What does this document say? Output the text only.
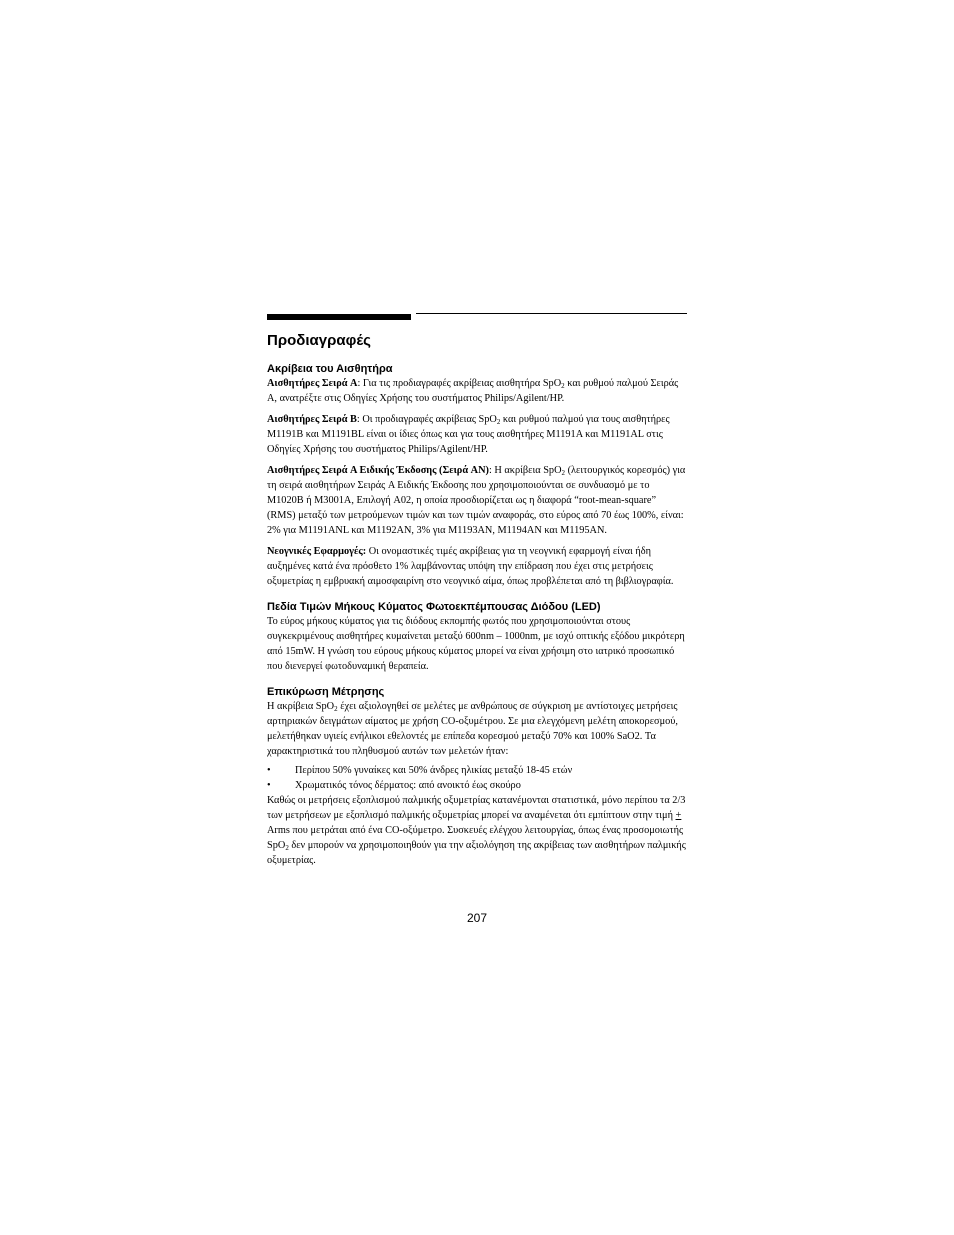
Προδιαγραφές
Ακρίβεια του Αισθητήρα

Αισθητήρες Σειρά A: Για τις προδιαγραφές ακρίβειας αισθητήρα SpO$_2$ και ρυθμού παλμού Σειράς A, ανατρέξτε στις Οδηγίες Χρήσης του συστήματος Philips/Agilent/HP.

Αισθητήρες Σειρά B: Οι προδιαγραφές ακρίβειας SpO$_2$ και ρυθμού παλμού για τους αισθητήρες M1191B και M1191BL είναι οι ίδιες όπως και για τους αισθητήρες M1191A και M1191AL στις Οδηγίες Χρήσης του συστήματος Philips/Agilent/HP.

Αισθητήρες Σειρά A Ειδικής Έκδοσης (Σειρά AN): Η ακρίβεια SpO$_2$ (λειτουργικός κορεσμός) για τη σειρά αισθητήρων Σειράς A Ειδικής Έκδοσης που χρησιμοποιούνται σε συνδυασμό με το M1020B ή M3001A, Επιλογή A02, η οποία προσδιορίζεται ως η διαφορά “root-mean-square” (RMS) μεταξύ των μετρούμενων τιμών και των τιμών αναφοράς, στο εύρος από 70 έως 100%, είναι: 2% για M1191ANL και M1192AN, 3% για M1193AN, M1194AN και M1195AN.

Νεογνικές Εφαρμογές: Οι ονομαστικές τιμές ακρίβειας για τη νεογνική εφαρμογή είναι ήδη αυξημένες κατά ένα πρόσθετο 1% λαμβάνοντας υπόψη την επίδραση που έχει στις μετρήσεις οξυμετρίας η εμβρυακή αιμοσφαιρίνη στο νεογνικό αίμα, όπως προβλέπεται από τη βιβλιογραφία.

Πεδία Τιμών Μήκους Κύματος Φωτοεκπέμπουσας Διόδου (LED)

Το εύρος μήκους κύματος για τις διόδους εκπομπής φωτός που χρησιμοποιούνται στους συγκεκριμένους αισθητήρες κυμαίνεται μεταξύ 600nm – 1000nm, με ισχύ οπτικής εξόδου μικρότερη από 15mW. Η γνώση του εύρους μήκους κύματος μπορεί να είναι χρήσιμη στο ιατρικό προσωπικό που διενεργεί φωτοδυναμική θεραπεία.

Επικύρωση Μέτρησης

Η ακρίβεια SpO$_2$ έχει αξιολογηθεί σε μελέτες με ανθρώπους σε σύγκριση με αντίστοιχες μετρήσεις αρτηριακών δειγμάτων αίματος με χρήση CO-οξυμέτρου. Σε μια ελεγχόμενη μελέτη αποκορεσμού, μελετήθηκαν υγιείς ενήλικοι εθελοντές με επίπεδα κορεσμού μεταξύ 70% και 100% SaO2. Τα χαρακτηριστικά του πληθυσμού αυτών των μελετών ήταν:

• Περίπου 50% γυναίκες και 50% άνδρες ηλικίας μεταξύ 18-45 ετών
• Χρωματικός τόνος δέρματος: από ανοικτό έως σκούρο

Καθώς οι μετρήσεις εξοπλισμού παλμικής οξυμετρίας κατανέμονται στατιστικά, μόνο περίπου τα 2/3 των μετρήσεων με εξοπλισμό παλμικής οξυμετρίας μπορεί να αναμένεται ότι εμπίπτουν στην τιμή + Arms που μετράται από ένα CO-οξύμετρο. Συσκευές ελέγχου λειτουργίας, όπως ένας προσομοιωτής SpO$_2$ δεν μπορούν να χρησιμοποιηθούν για την αξιολόγηση της ακρίβειας των αισθητήρων παλμικής οξυμετρίας.

207
